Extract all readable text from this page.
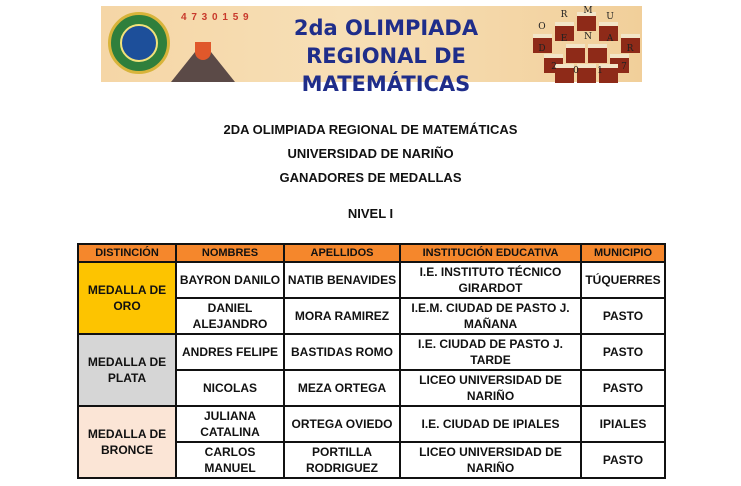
4 7 3 0 1 5 9	2da OLIMPIADA REGIONAL DE
MATEMÁTICAS
O
R	M
U
D
E	N	A
R
2	0	1	7
2DA OLIMPIADA REGIONAL DE MATEMÁTICAS
UNIVERSIDAD DE NARIÑO
GANADORES DE MEDALLAS
NIVEL I
DISTINCIÓN	NOMBRES	APELLIDOS	INSTITUCIÓN EDUCATIVA	MUNICIPIO
MEDALLA DE ORO	BAYRON DANILO	NATIB BENAVIDES	I.E. INSTITUTO TÉCNICO GIRARDOT	TÚQUERRES
	DANIEL ALEJANDRO	MORA RAMIREZ	I.E.M. CIUDAD DE PASTO J. MAÑANA	PASTO
MEDALLA DE PLATA	ANDRES FELIPE	BASTIDAS ROMO	I.E. CIUDAD DE PASTO J. TARDE	PASTO
	NICOLAS	MEZA ORTEGA	LICEO UNIVERSIDAD DE NARIÑO	PASTO
MEDALLA DE BRONCE	JULIANA CATALINA	ORTEGA OVIEDO	I.E. CIUDAD DE IPIALES	IPIALES
	CARLOS MANUEL	PORTILLA RODRIGUEZ	LICEO UNIVERSIDAD DE NARIÑO	PASTO
